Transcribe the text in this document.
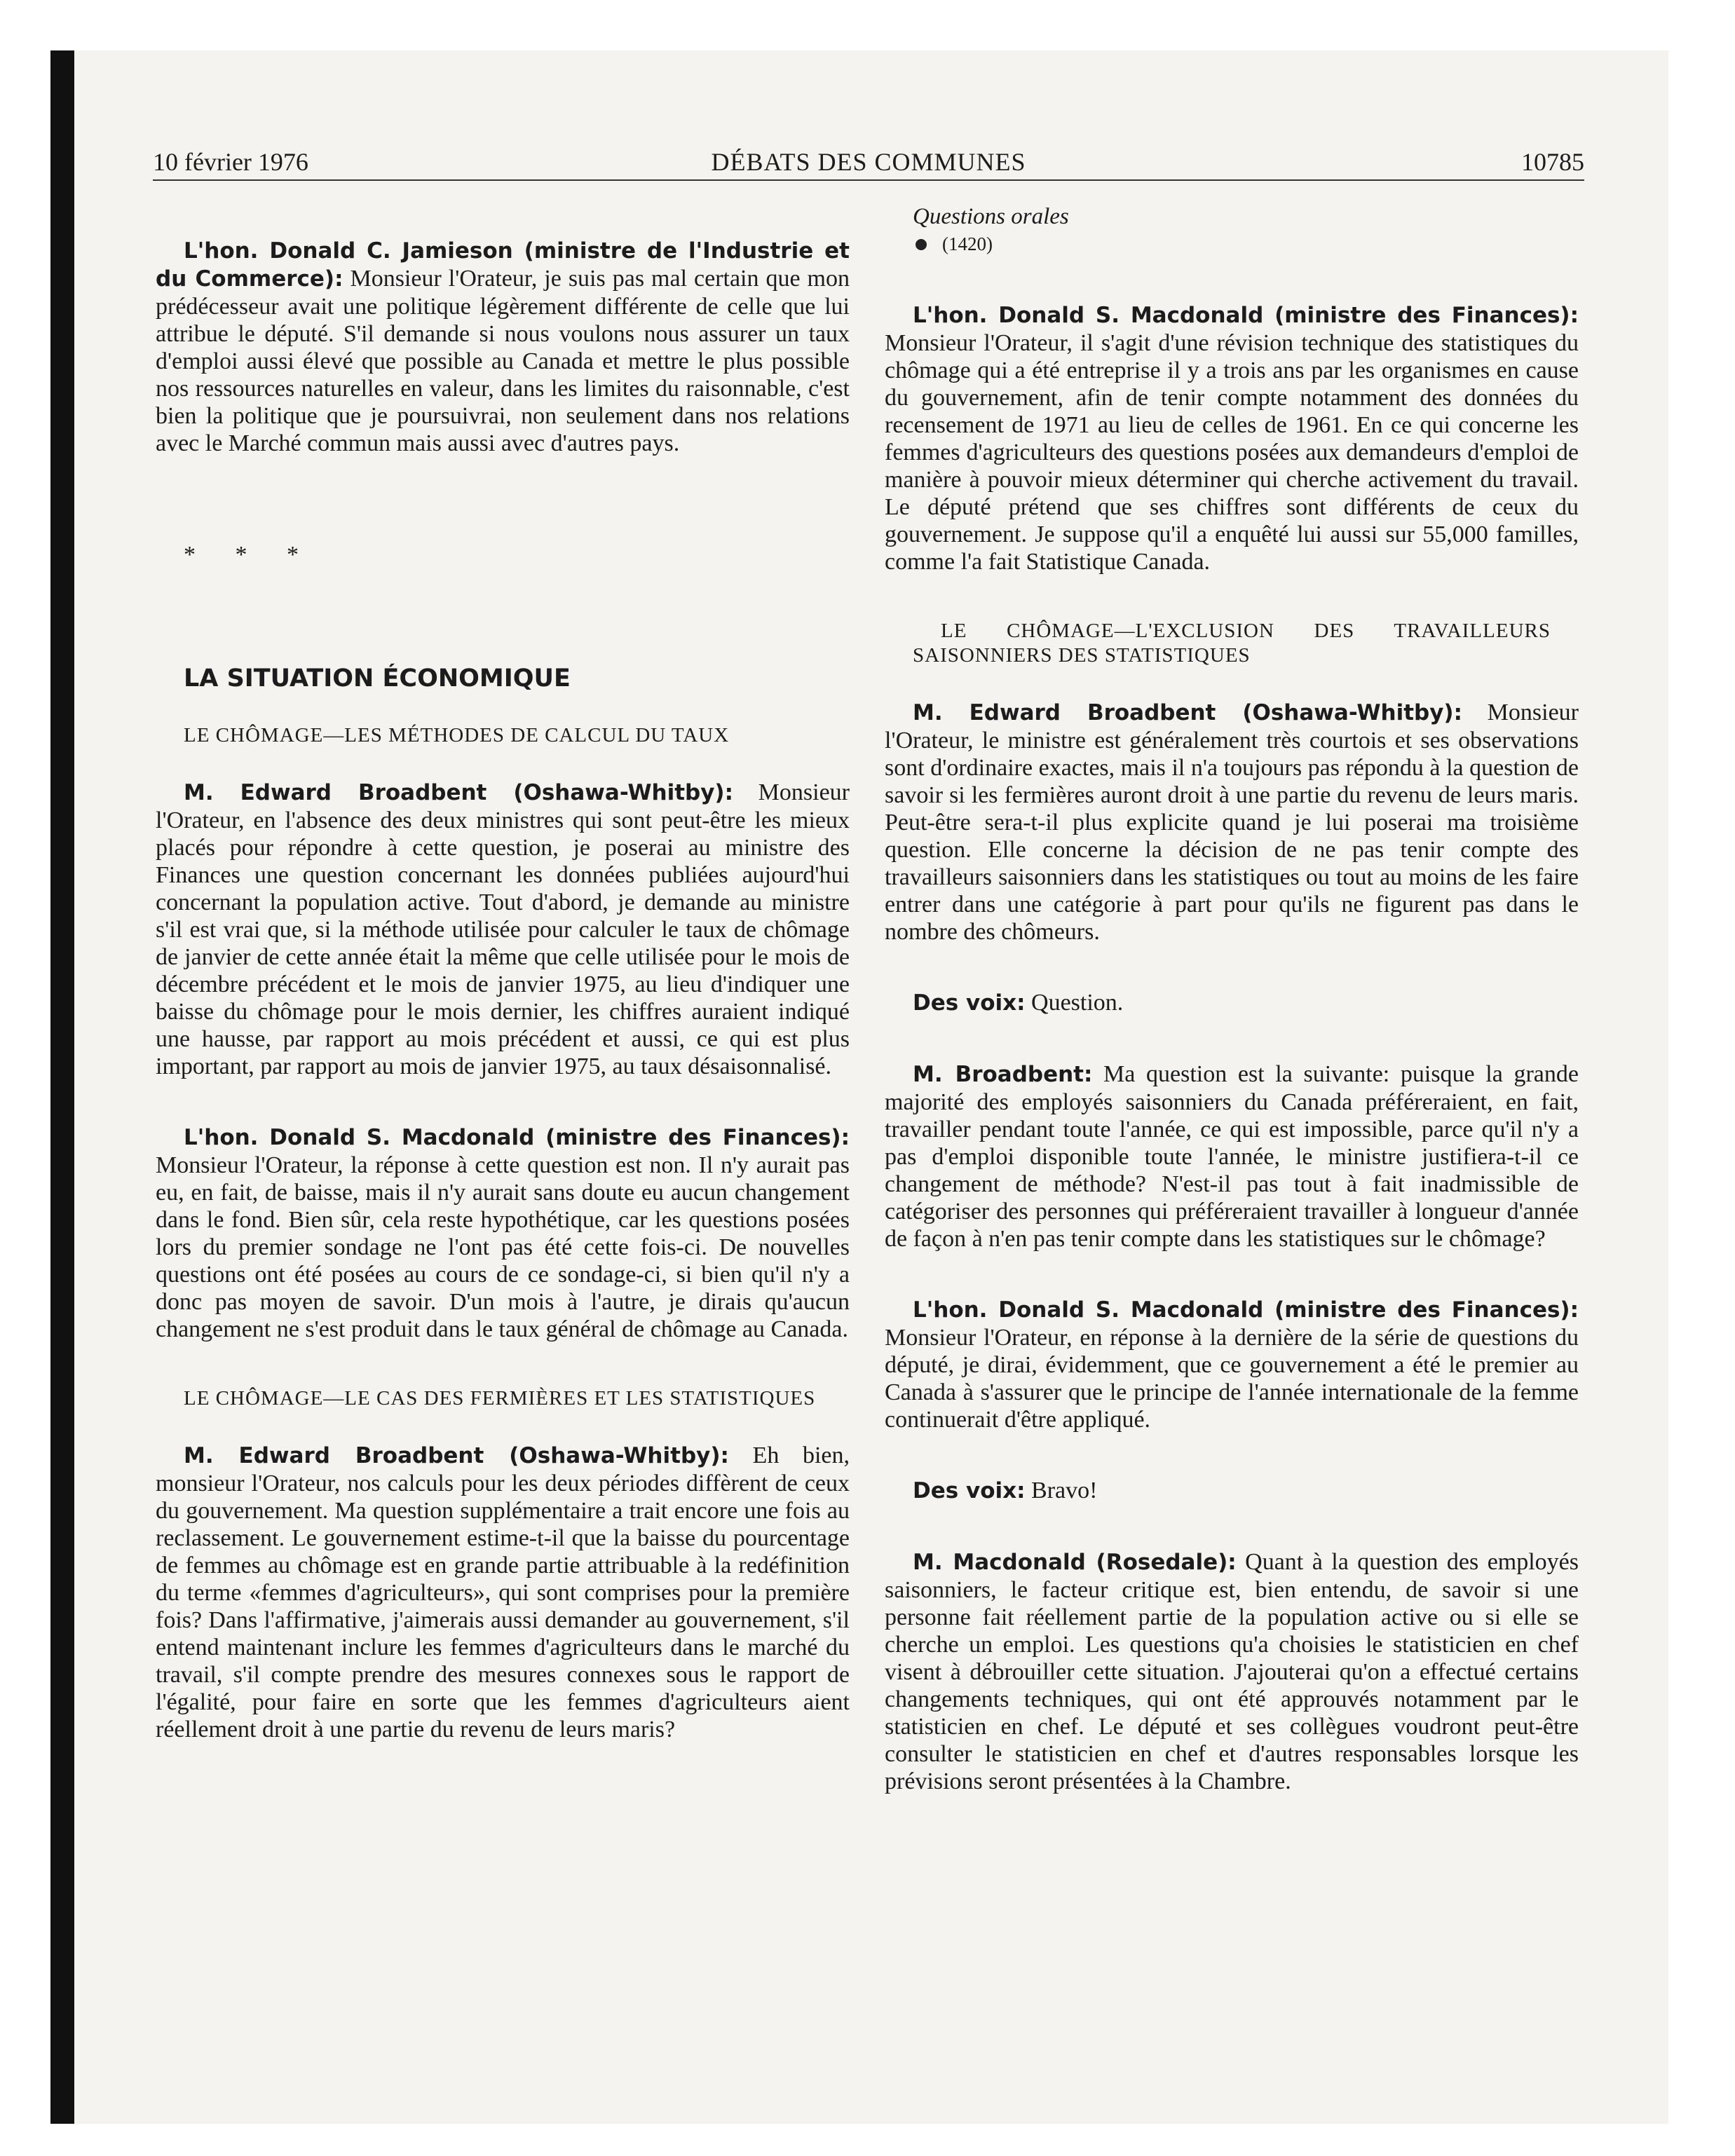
10 février 1976	DÉBATS DES COMMUNES	10785

L'hon. Donald C. Jamieson (ministre de l'Industrie et du Commerce): Monsieur l'Orateur, je suis pas mal certain que mon prédécesseur avait une politique légèrement différente de celle que lui attribue le député. S'il demande si nous voulons nous assurer un taux d'emploi aussi élevé que possible au Canada et mettre le plus possible nos ressources naturelles en valeur, dans les limites du raisonnable, c'est bien la politique que je poursuivrai, non seulement dans nos relations avec le Marché commun mais aussi avec d'autres pays.

* * *

LA SITUATION ÉCONOMIQUE

LE CHÔMAGE—LES MÉTHODES DE CALCUL DU TAUX

M. Edward Broadbent (Oshawa-Whitby): Monsieur l'Orateur, en l'absence des deux ministres qui sont peut-être les mieux placés pour répondre à cette question, je poserai au ministre des Finances une question concernant les données publiées aujourd'hui concernant la population active. Tout d'abord, je demande au ministre s'il est vrai que, si la méthode utilisée pour calculer le taux de chômage de janvier de cette année était la même que celle utilisée pour le mois de décembre précédent et le mois de janvier 1975, au lieu d'indiquer une baisse du chômage pour le mois dernier, les chiffres auraient indiqué une hausse, par rapport au mois précédent et aussi, ce qui est plus important, par rapport au mois de janvier 1975, au taux désaisonnalisé.

L'hon. Donald S. Macdonald (ministre des Finances): Monsieur l'Orateur, la réponse à cette question est non. Il n'y aurait pas eu, en fait, de baisse, mais il n'y aurait sans doute eu aucun changement dans le fond. Bien sûr, cela reste hypothétique, car les questions posées lors du premier sondage ne l'ont pas été cette fois-ci. De nouvelles questions ont été posées au cours de ce sondage-ci, si bien qu'il n'y a donc pas moyen de savoir. D'un mois à l'autre, je dirais qu'aucun changement ne s'est produit dans le taux général de chômage au Canada.

LE CHÔMAGE—LE CAS DES FERMIÈRES ET LES STATISTIQUES

M. Edward Broadbent (Oshawa-Whitby): Eh bien, monsieur l'Orateur, nos calculs pour les deux périodes diffèrent de ceux du gouvernement. Ma question supplémentaire a trait encore une fois au reclassement. Le gouvernement estime-t-il que la baisse du pourcentage de femmes au chômage est en grande partie attribuable à la redéfinition du terme «femmes d'agriculteurs», qui sont comprises pour la première fois? Dans l'affirmative, j'aimerais aussi demander au gouvernement, s'il entend maintenant inclure les femmes d'agriculteurs dans le marché du travail, s'il compte prendre des mesures connexes sous le rapport de l'égalité, pour faire en sorte que les femmes d'agriculteurs aient réellement droit à une partie du revenu de leurs maris?

Questions orales

(1420)

L'hon. Donald S. Macdonald (ministre des Finances): Monsieur l'Orateur, il s'agit d'une révision technique des statistiques du chômage qui a été entreprise il y a trois ans par les organismes en cause du gouvernement, afin de tenir compte notamment des données du recensement de 1971 au lieu de celles de 1961. En ce qui concerne les femmes d'agriculteurs des questions posées aux demandeurs d'emploi de manière à pouvoir mieux déterminer qui cherche activement du travail. Le député prétend que ses chiffres sont différents de ceux du gouvernement. Je suppose qu'il a enquêté lui aussi sur 55,000 familles, comme l'a fait Statistique Canada.

LE CHÔMAGE—L'EXCLUSION DES TRAVAILLEURS SAISONNIERS DES STATISTIQUES

M. Edward Broadbent (Oshawa-Whitby): Monsieur l'Orateur, le ministre est généralement très courtois et ses observations sont d'ordinaire exactes, mais il n'a toujours pas répondu à la question de savoir si les fermières auront droit à une partie du revenu de leurs maris. Peut-être sera-t-il plus explicite quand je lui poserai ma troisième question. Elle concerne la décision de ne pas tenir compte des travailleurs saisonniers dans les statistiques ou tout au moins de les faire entrer dans une catégorie à part pour qu'ils ne figurent pas dans le nombre des chômeurs.

Des voix: Question.

M. Broadbent: Ma question est la suivante: puisque la grande majorité des employés saisonniers du Canada préféreraient, en fait, travailler pendant toute l'année, ce qui est impossible, parce qu'il n'y a pas d'emploi disponible toute l'année, le ministre justifiera-t-il ce changement de méthode? N'est-il pas tout à fait inadmissible de catégoriser des personnes qui préféreraient travailler à longueur d'année de façon à n'en pas tenir compte dans les statistiques sur le chômage?

L'hon. Donald S. Macdonald (ministre des Finances): Monsieur l'Orateur, en réponse à la dernière de la série de questions du député, je dirai, évidemment, que ce gouvernement a été le premier au Canada à s'assurer que le principe de l'année internationale de la femme continuerait d'être appliqué.

Des voix: Bravo!

M. Macdonald (Rosedale): Quant à la question des employés saisonniers, le facteur critique est, bien entendu, de savoir si une personne fait réellement partie de la population active ou si elle se cherche un emploi. Les questions qu'a choisies le statisticien en chef visent à débrouiller cette situation. J'ajouterai qu'on a effectué certains changements techniques, qui ont été approuvés notamment par le statisticien en chef. Le député et ses collègues voudront peut-être consulter le statisticien en chef et d'autres responsables lorsque les prévisions seront présentées à la Chambre.
